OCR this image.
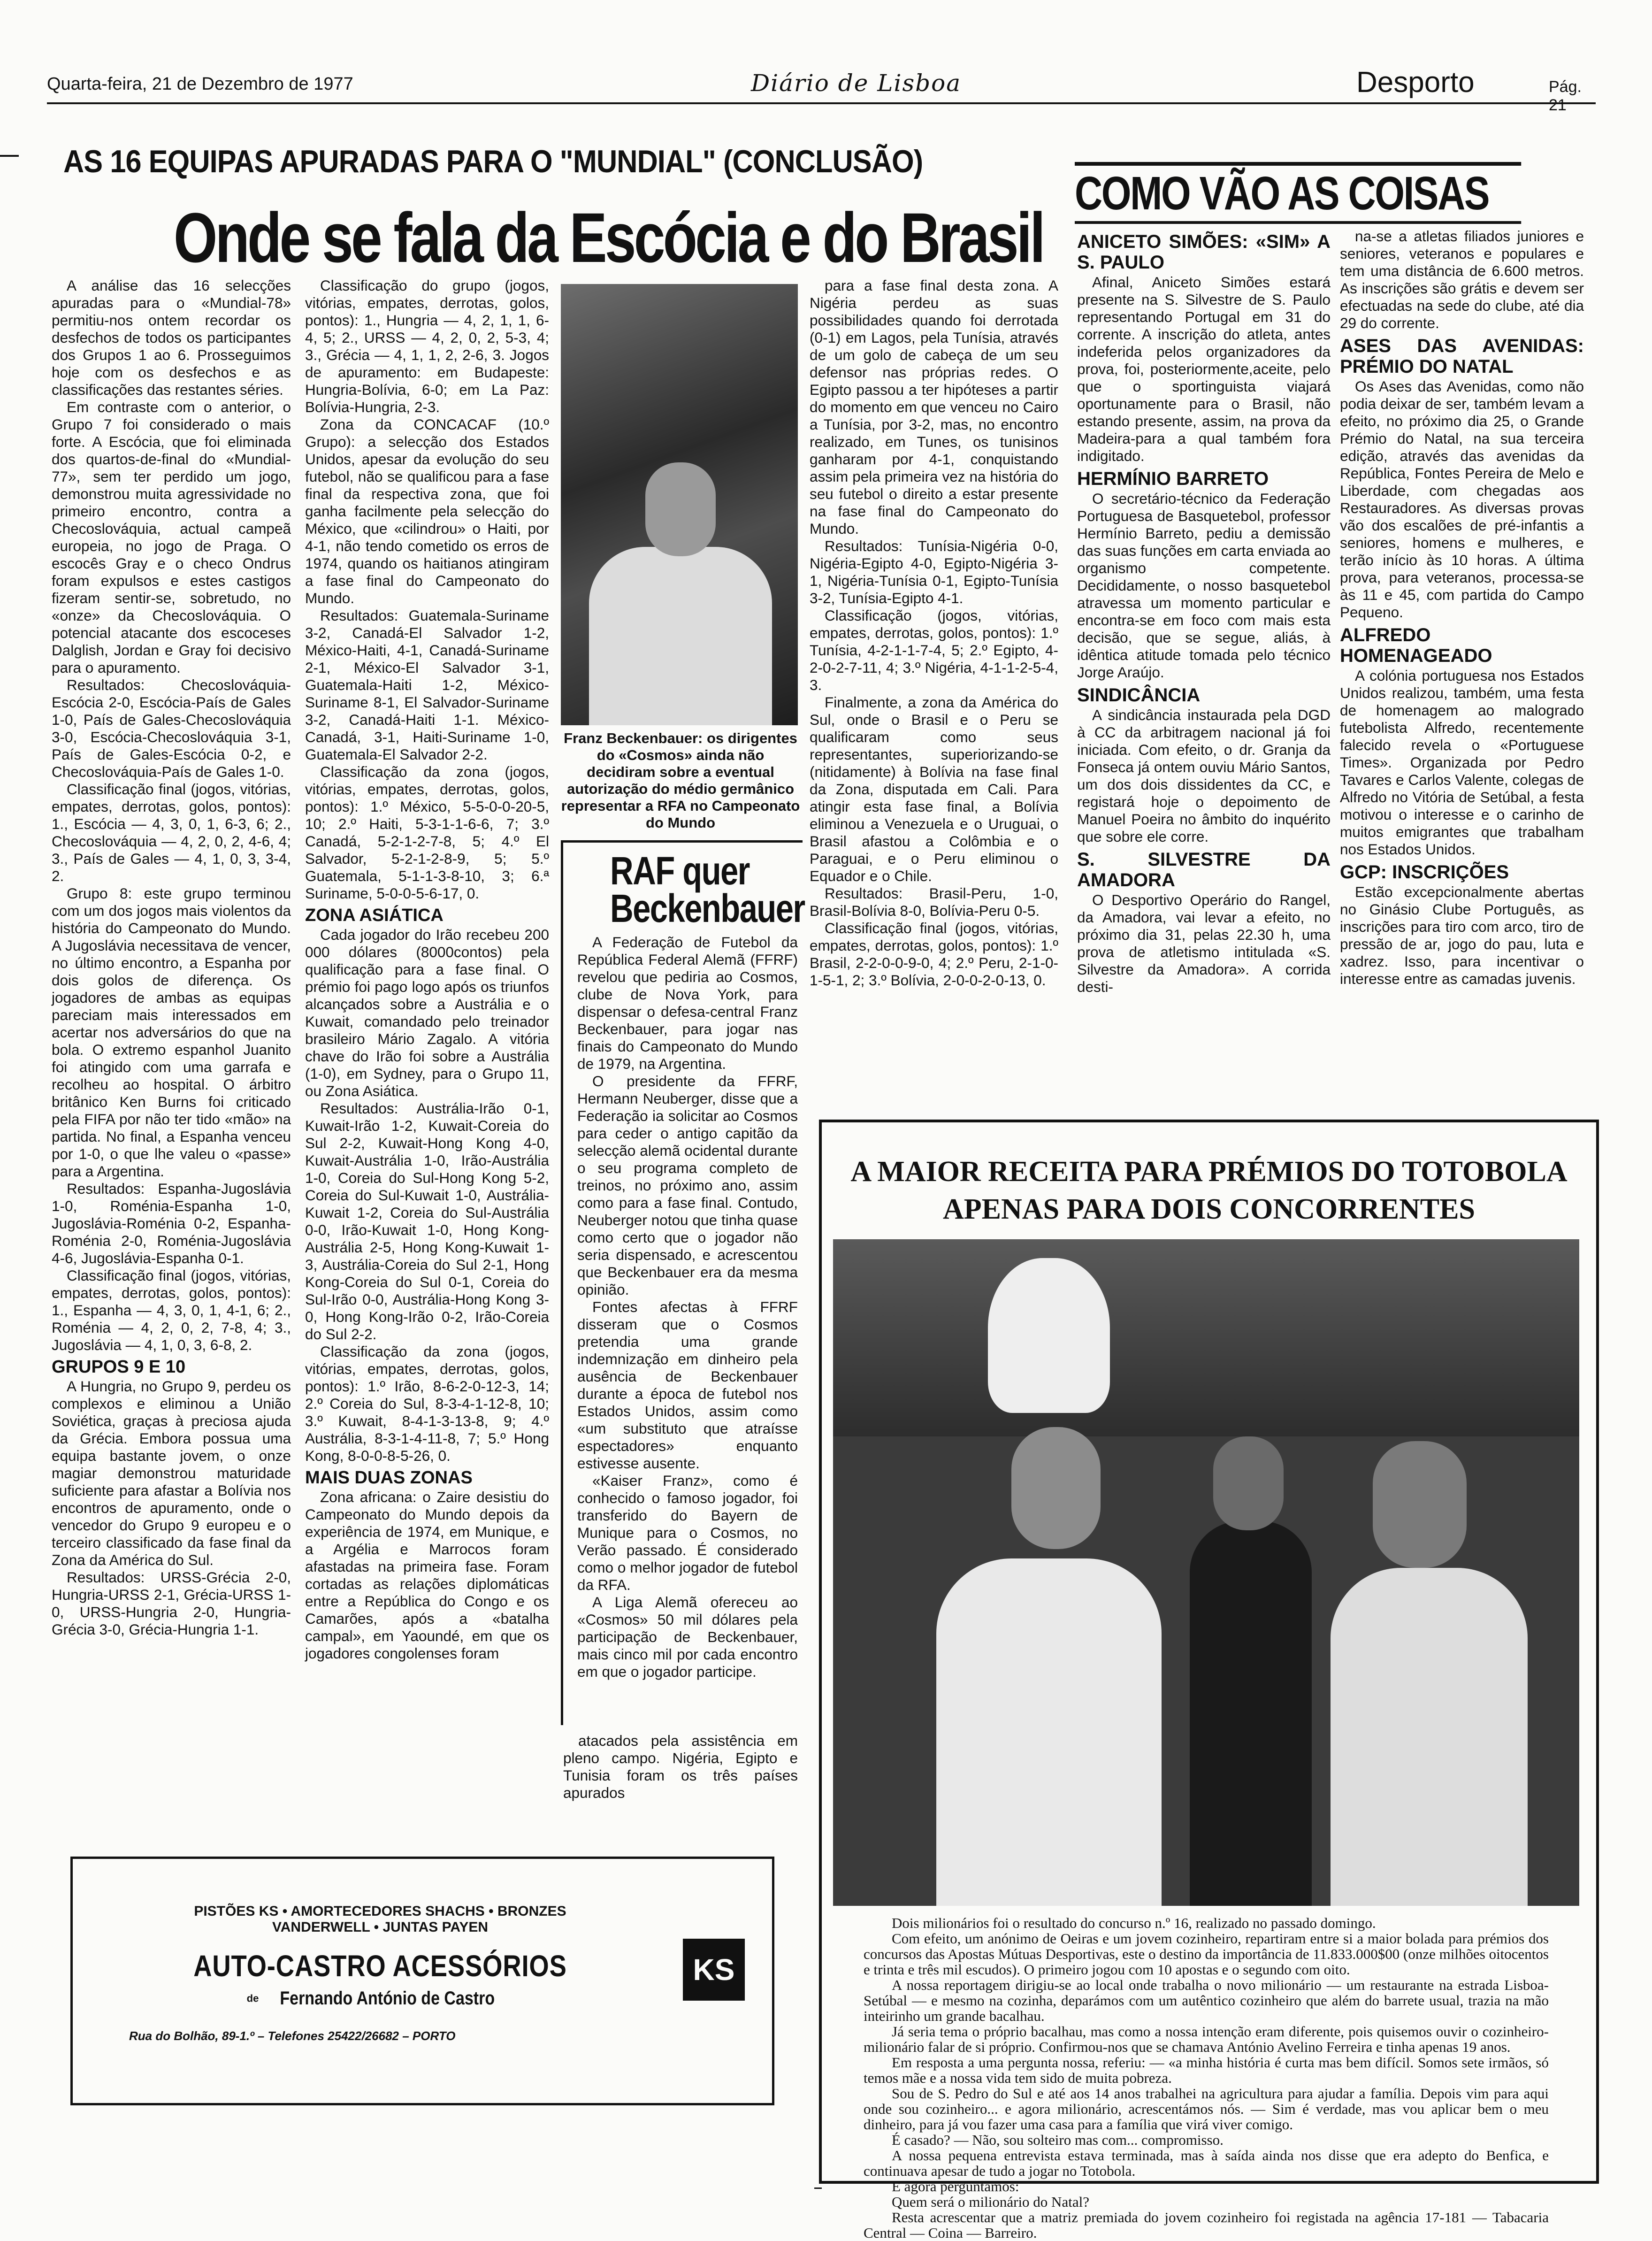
Quarta-feira, 21 de Dezembro de 1977	Diário de Lisboa	Desporto	Pág. 21
AS 16 EQUIPAS APURADAS PARA O "MUNDIAL" (CONCLUSÃO)
Onde se fala da Escócia e do Brasil

A análise das 16 selecções apuradas para o «Mundial-78» permitiu-nos ontem recordar os desfechos de todos os participantes dos Grupos 1 ao 6. Prosseguimos hoje com os desfechos e as classificações das restantes séries.

Em contraste com o anterior, o Grupo 7 foi considerado o mais forte. A Escócia, que foi eliminada dos quartos-de-final do «Mundial-77», sem ter perdido um jogo, demonstrou muita agressividade no primeiro encontro, contra a Checoslováquia, actual campeã europeia, no jogo de Praga. O escocês Gray e o checo Ondrus foram expulsos e estes castigos fizeram sentir-se, sobretudo, no «onze» da Checoslováquia. O potencial atacante dos escoceses Dalglish, Jordan e Gray foi decisivo para o apuramento.

Resultados: Checoslováquia-Escócia 2-0, Escócia-País de Gales 1-0, País de Gales-Checoslováquia 3-0, Escócia-Checoslováquia 3-1, País de Gales-Escócia 0-2, e Checoslováquia-País de Gales 1-0.

Classificação final (jogos, vitórias, empates, derrotas, golos, pontos): 1., Escócia — 4, 3, 0, 1, 6-3, 6; 2., Checoslováquia — 4, 2, 0, 2, 4-6, 4; 3., País de Gales — 4, 1, 0, 3, 3-4, 2.

Grupo 8: este grupo terminou com um dos jogos mais violentos da história do Campeonato do Mundo. A Jugoslávia necessitava de vencer, no último encontro, a Espanha por dois golos de diferença. Os jogadores de ambas as equipas pareciam mais interessados em acertar nos adversários do que na bola. O extremo espanhol Juanito foi atingido com uma garrafa e recolheu ao hospital. O árbitro britânico Ken Burns foi criticado pela FIFA por não ter tido «mão» na partida. No final, a Espanha venceu por 1-0, o que lhe valeu o «passe» para a Argentina.

Resultados: Espanha-Jugoslávia 1-0, Roménia-Espanha 1-0, Jugoslávia-Roménia 0-2, Espanha-Roménia 2-0, Roménia-Jugoslávia 4-6, Jugoslávia-Espanha 0-1.

Classificação final (jogos, vitórias, empates, derrotas, golos, pontos): 1., Espanha — 4, 3, 0, 1, 4-1, 6; 2., Roménia — 4, 2, 0, 2, 7-8, 4; 3., Jugoslávia — 4, 1, 0, 3, 6-8, 2.

GRUPOS 9 E 10

A Hungria, no Grupo 9, perdeu os complexos e eliminou a União Soviética, graças à preciosa ajuda da Grécia. Embora possua uma equipa bastante jovem, o onze magiar demonstrou maturidade suficiente para afastar a Bolívia nos encontros de apuramento, onde o vencedor do Grupo 9 europeu e o terceiro classificado da fase final da Zona da América do Sul.

Resultados: URSS-Grécia 2-0, Hungria-URSS 2-1, Grécia-URSS 1-0, URSS-Hungria 2-0, Hungria-Grécia 3-0, Grécia-Hungria 1-1.

Classificação do grupo (jogos, vitórias, empates, derrotas, golos, pontos): 1., Hungria — 4, 2, 1, 1, 6-4, 5; 2., URSS — 4, 2, 0, 2, 5-3, 4; 3., Grécia — 4, 1, 1, 2, 2-6, 3. Jogos de apuramento: em Budapeste: Hungria-Bolívia, 6-0; em La Paz: Bolívia-Hungria, 2-3.

Zona da CONCACAF (10.º Grupo): a selecção dos Estados Unidos, apesar da evolução do seu futebol, não se qualificou para a fase final da respectiva zona, que foi ganha facilmente pela selecção do México, que «cilindrou» o Haiti, por 4-1, não tendo cometido os erros de 1974, quando os haitianos atingiram a fase final do Campeonato do Mundo.

Resultados: Guatemala-Suriname 3-2, Canadá-El Salvador 1-2, México-Haiti, 4-1, Canadá-Suriname 2-1, México-El Salvador 3-1, Guatemala-Haiti 1-2, México-Suriname 8-1, El Salvador-Suriname 3-2, Canadá-Haiti 1-1. México-Canadá, 3-1, Haiti-Suriname 1-0, Guatemala-El Salvador 2-2.

Classificação da zona (jogos, vitórias, empates, derrotas, golos, pontos): 1.º México, 5-5-0-0-20-5, 10; 2.º Haiti, 5-3-1-1-6-6, 7; 3.º Canadá, 5-2-1-2-7-8, 5; 4.º El Salvador, 5-2-1-2-8-9, 5; 5.º Guatemala, 5-1-1-3-8-10, 3; 6.ª Suriname, 5-0-0-5-6-17, 0.

ZONA ASIÁTICA

Cada jogador do Irão recebeu 200 000 dólares (8000contos) pela qualificação para a fase final. O prémio foi pago logo após os triunfos alcançados sobre a Austrália e o Kuwait, comandado pelo treinador brasileiro Mário Zagalo. A vitória chave do Irão foi sobre a Austrália (1-0), em Sydney, para o Grupo 11, ou Zona Asiática.

Resultados: Austrália-Irão 0-1, Kuwait-Irão 1-2, Kuwait-Coreia do Sul 2-2, Kuwait-Hong Kong 4-0, Kuwait-Austrália 1-0, Irão-Austrália 1-0, Coreia do Sul-Hong Kong 5-2, Coreia do Sul-Kuwait 1-0, Austrália-Kuwait 1-2, Coreia do Sul-Austrália 0-0, Irão-Kuwait 1-0, Hong Kong-Austrália 2-5, Hong Kong-Kuwait 1-3, Austrália-Coreia do Sul 2-1, Hong Kong-Coreia do Sul 0-1, Coreia do Sul-Irão 0-0, Austrália-Hong Kong 3-0, Hong Kong-Irão 0-2, Irão-Coreia do Sul 2-2.

Classificação da zona (jogos, vitórias, empates, derrotas, golos, pontos): 1.º Irão, 8-6-2-0-12-3, 14; 2.º Coreia do Sul, 8-3-4-1-12-8, 10; 3.º Kuwait, 8-4-1-3-13-8, 9; 4.º Austrália, 8-3-1-4-11-8, 7; 5.º Hong Kong, 8-0-0-8-5-26, 0.

MAIS DUAS ZONAS

Zona africana: o Zaire desistiu do Campeonato do Mundo depois da experiência de 1974, em Munique, e a Argélia e Marrocos foram afastadas na primeira fase. Foram cortadas as relações diplomáticas entre a República do Congo e os Camarões, após a «batalha campal», em Yaoundé, em que os jogadores congolenses foram

Franz Beckenbauer: os dirigentes do «Cosmos» ainda não decidiram sobre a eventual autorização do médio germânico representar a RFA no Campeonato do Mundo
RAF quer
Beckenbauer

A Federação de Futebol da República Federal Alemã (FFRF) revelou que pediria ao Cosmos, clube de Nova York, para dispensar o defesa-central Franz Beckenbauer, para jogar nas finais do Campeonato do Mundo de 1979, na Argentina.

O presidente da FFRF, Hermann Neuberger, disse que a Federação ia solicitar ao Cosmos para ceder o antigo capitão da selecção alemã ocidental durante o seu programa completo de treinos, no próximo ano, assim como para a fase final. Contudo, Neuberger notou que tinha quase como certo que o jogador não seria dispensado, e acrescentou que Beckenbauer era da mesma opinião.

Fontes afectas à FFRF disseram que o Cosmos pretendia uma grande indemnização em dinheiro pela ausência de Beckenbauer durante a época de futebol nos Estados Unidos, assim como «um substituto que atraísse espectadores» enquanto estivesse ausente.

«Kaiser Franz», como é conhecido o famoso jogador, foi transferido do Bayern de Munique para o Cosmos, no Verão passado. É considerado como o melhor jogador de futebol da RFA.

A Liga Alemã ofereceu ao «Cosmos» 50 mil dólares pela participação de Beckenbauer, mais cinco mil por cada encontro em que o jogador participe.

atacados pela assistência em pleno campo. Nigéria, Egipto e Tunisia foram os três países apurados

para a fase final desta zona. A Nigéria perdeu as suas possibilidades quando foi derrotada (0-1) em Lagos, pela Tunísia, através de um golo de cabeça de um seu defensor nas próprias redes. O Egipto passou a ter hipóteses a partir do momento em que venceu no Cairo a Tunísia, por 3-2, mas, no encontro realizado, em Tunes, os tunisinos ganharam por 4-1, conquistando assim pela primeira vez na história do seu futebol o direito a estar presente na fase final do Campeonato do Mundo.

Resultados: Tunísia-Nigéria 0-0, Nigéria-Egipto 4-0, Egipto-Nigéria 3-1, Nigéria-Tunísia 0-1, Egipto-Tunísia 3-2, Tunísia-Egipto 4-1.

Classificação (jogos, vitórias, empates, derrotas, golos, pontos): 1.º Tunísia, 4-2-1-1-7-4, 5; 2.º Egipto, 4-2-0-2-7-11, 4; 3.º Nigéria, 4-1-1-2-5-4, 3.

Finalmente, a zona da América do Sul, onde o Brasil e o Peru se qualificaram como seus representantes, superiorizando-se (nitidamente) à Bolívia na fase final da Zona, disputada em Cali. Para atingir esta fase final, a Bolívia eliminou a Venezuela e o Uruguai, o Brasil afastou a Colômbia e o Paraguai, e o Peru eliminou o Equador e o Chile.

Resultados: Brasil-Peru, 1-0, Brasil-Bolívia 8-0, Bolívia-Peru 0-5.

Classificação final (jogos, vitórias, empates, derrotas, golos, pontos): 1.º Brasil, 2-2-0-0-9-0, 4; 2.º Peru, 2-1-0-1-5-1, 2; 3.º Bolívia, 2-0-0-2-0-13, 0.

COMO VÃO AS COISAS
ANICETO SIMÕES: «SIM» A S. PAULO

Afinal, Aniceto Simões estará presente na S. Silvestre de S. Paulo representando Portugal em 31 do corrente. A inscrição do atleta, antes indeferida pelos organizadores da prova, foi, posteriormente,aceite, pelo que o sportinguista viajará oportunamente para o Brasil, não estando presente, assim, na prova da Madeira-para a qual também fora indigitado.

HERMÍNIO BARRETO

O secretário-técnico da Federação Portuguesa de Basquetebol, professor Hermínio Barreto, pediu a demissão das suas funções em carta enviada ao organismo competente. Decididamente, o nosso basquetebol atravessa um momento particular e encontra-se em foco com mais esta decisão, que se segue, aliás, à idêntica atitude tomada pelo técnico Jorge Araújo.

SINDICÂNCIA

A sindicância instaurada pela DGD à CC da arbitragem nacional já foi iniciada. Com efeito, o dr. Granja da Fonseca já ontem ouviu Mário Santos, um dos dois dissidentes da CC, e registará hoje o depoimento de Manuel Poeira no âmbito do inquérito que sobre ele corre.

S. SILVESTRE DA AMADORA

O Desportivo Operário do Rangel, da Amadora, vai levar a efeito, no próximo dia 31, pelas 22.30 h, uma prova de atletismo intitulada «S. Silvestre da Amadora». A corrida desti-

na-se a atletas filiados juniores e seniores, veteranos e populares e tem uma distância de 6.600 metros. As inscrições são grátis e devem ser efectuadas na sede do clube, até dia 29 do corrente.

ASES DAS AVENIDAS: PRÉMIO DO NATAL

Os Ases das Avenidas, como não podia deixar de ser, também levam a efeito, no próximo dia 25, o Grande Prémio do Natal, na sua terceira edição, através das avenidas da República, Fontes Pereira de Melo e Liberdade, com chegadas aos Restauradores. As diversas provas vão dos escalões de pré-infantis a seniores, homens e mulheres, e terão início às 10 horas. A última prova, para veteranos, processa-se às 11 e 45, com partida do Campo Pequeno.

ALFREDO HOMENAGEADO

A colónia portuguesa nos Estados Unidos realizou, também, uma festa de homenagem ao malogrado futebolista Alfredo, recentemente falecido revela o «Portuguese Times». Organizada por Pedro Tavares e Carlos Valente, colegas de Alfredo no Vitória de Setúbal, a festa motivou o interesse e o carinho de muitos emigrantes que trabalham nos Estados Unidos.

GCP: INSCRIÇÕES

Estão excepcionalmente abertas no Ginásio Clube Português, as inscrições para tiro com arco, tiro de pressão de ar, jogo do pau, luta e xadrez. Isso, para incentivar o interesse entre as camadas juvenis.

A MAIOR RECEITA PARA PRÉMIOS DO TOTOBOLA
APENAS PARA DOIS CONCORRENTES

Dois milionários foi o resultado do concurso n.º 16, realizado no passado domingo.

Com efeito, um anónimo de Oeiras e um jovem cozinheiro, repartiram entre si a maior bolada para prémios dos concursos das Apostas Mútuas Desportivas, este o destino da importância de 11.833.000$00 (onze milhões oitocentos e trinta e três mil escudos). O primeiro jogou com 10 apostas e o segundo com oito.

A nossa reportagem dirigiu-se ao local onde trabalha o novo milionário — um restaurante na estrada Lisboa-Setúbal — e mesmo na cozinha, deparámos com um autêntico cozinheiro que além do barrete usual, trazia na mão inteirinho um grande bacalhau.

Já seria tema o próprio bacalhau, mas como a nossa intenção eram diferente, pois quisemos ouvir o cozinheiro-milionário falar de si próprio. Confirmou-nos que se chamava António Avelino Ferreira e tinha apenas 19 anos.

Em resposta a uma pergunta nossa, referiu: — «a minha história é curta mas bem difícil. Somos sete irmãos, só temos mãe e a nossa vida tem sido de muita pobreza.

Sou de S. Pedro do Sul e até aos 14 anos trabalhei na agricultura para ajudar a família. Depois vim para aqui onde sou cozinheiro... e agora milionário, acrescentámos nós. — Sim é verdade, mas vou aplicar bem o meu dinheiro, para já vou fazer uma casa para a família que virá viver comigo.

É casado? — Não, sou solteiro mas com... compromisso.

A nossa pequena entrevista estava terminada, mas à saída ainda nos disse que era adepto do Benfica, e continuava apesar de tudo a jogar no Totobola.

E agora perguntamos:

Quem será o milionário do Natal?

Resta acrescentar que a matriz premiada do jovem cozinheiro foi registada na agência 17-181 — Tabacaria Central — Coina — Barreiro.

PISTÕES KS • AMORTECEDORES SHACHS • BRONZES
VANDERWELL • JUNTAS PAYEN
AUTO-CASTRO ACESSÓRIOS
de Fernando António de Castro
Rua do Bolhão, 89-1.º – Telefones 25422/26682 – PORTO
KS
